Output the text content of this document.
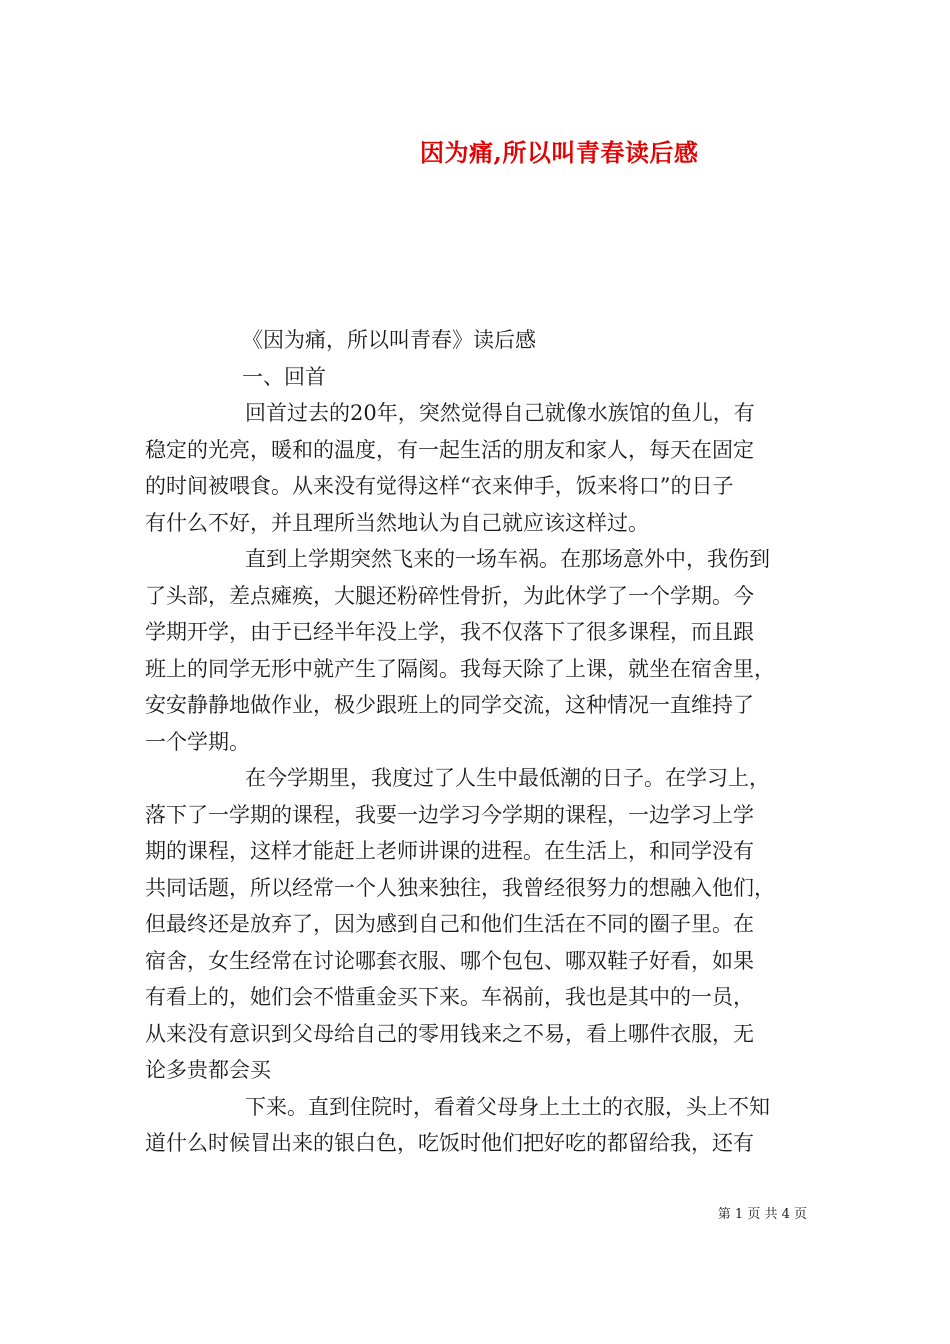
因为痛,所以叫青春读后感
《因为痛，所以叫青春》读后感
一、回首
回首过去的20年，突然觉得自己就像水族馆的鱼儿，有
稳定的光亮，暖和的温度，有一起生活的朋友和家人，每天在固定
的时间被喂食。从来没有觉得这样“衣来伸手，饭来将口”的日子
有什么不好，并且理所当然地认为自己就应该这样过。
直到上学期突然飞来的一场车祸。在那场意外中，我伤到
了头部，差点瘫痪，大腿还粉碎性骨折，为此休学了一个学期。今
学期开学，由于已经半年没上学，我不仅落下了很多课程，而且跟
班上的同学无形中就产生了隔阂。我每天除了上课，就坐在宿舍里，
安安静静地做作业，极少跟班上的同学交流，这种情况一直维持了
一个学期。
在今学期里，我度过了人生中最低潮的日子。在学习上，
落下了一学期的课程，我要一边学习今学期的课程，一边学习上学
期的课程，这样才能赶上老师讲课的进程。在生活上，和同学没有
共同话题，所以经常一个人独来独往，我曾经很努力的想融入他们，
但最终还是放弃了，因为感到自己和他们生活在不同的圈子里。在
宿舍，女生经常在讨论哪套衣服、哪个包包、哪双鞋子好看，如果
有看上的，她们会不惜重金买下来。车祸前，我也是其中的一员，
从来没有意识到父母给自己的零用钱来之不易，看上哪件衣服，无
论多贵都会买
下来。直到住院时，看着父母身上土土的衣服，头上不知
道什么时候冒出来的银白色，吃饭时他们把好吃的都留给我，还有
第 1 页 共 4 页
